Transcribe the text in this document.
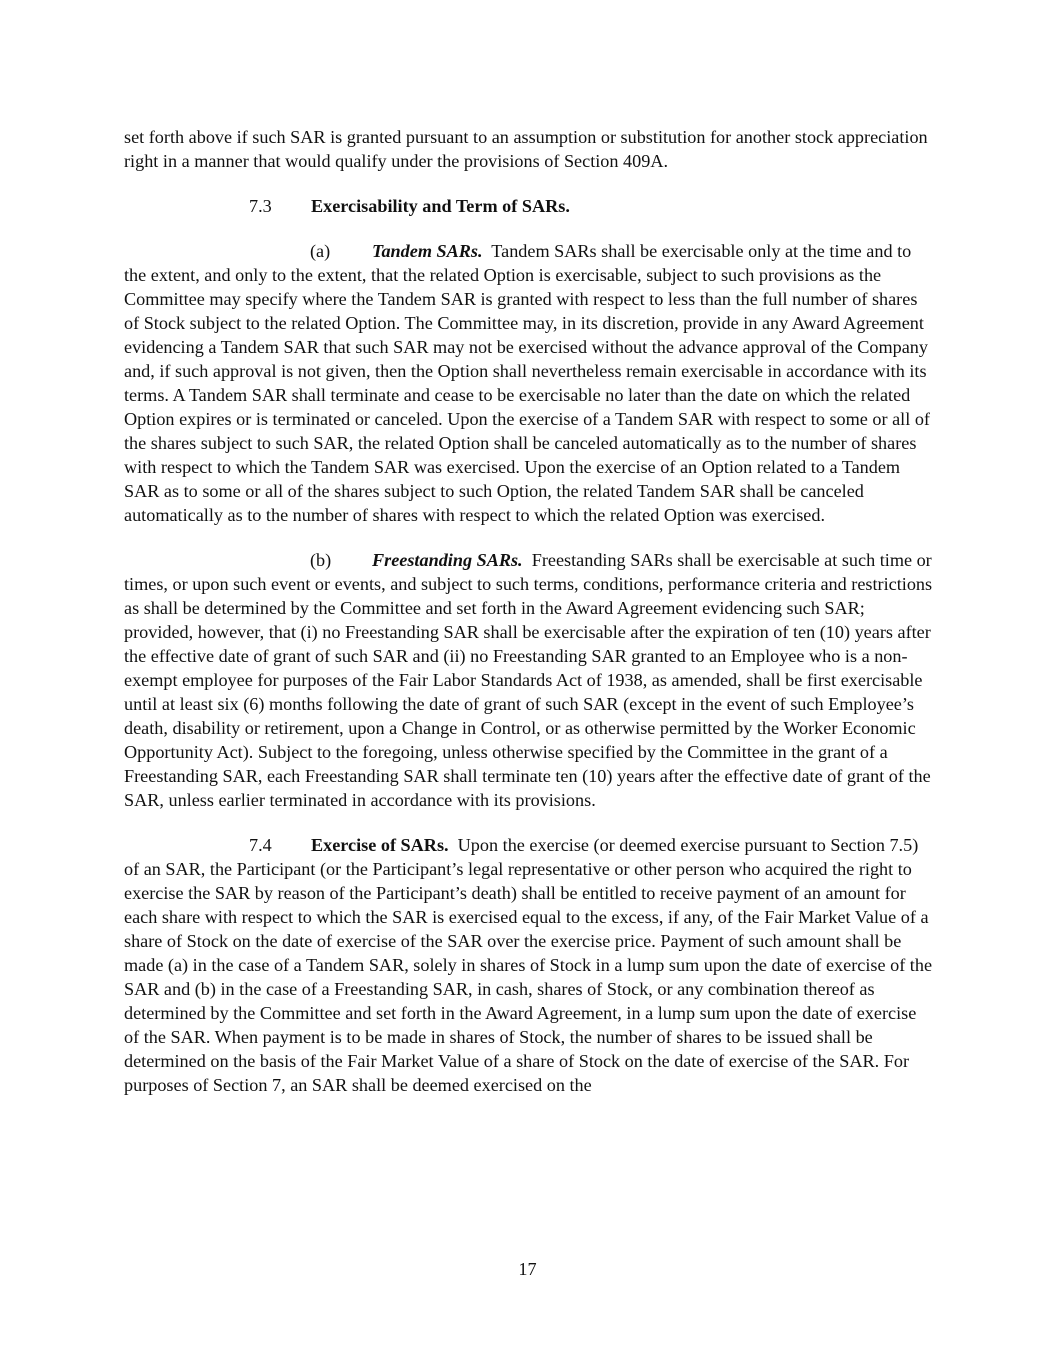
set forth above if such SAR is granted pursuant to an assumption or substitution for another stock appreciation right in a manner that would qualify under the provisions of Section 409A.

7.3 Exercisability and Term of SARs.

(a) Tandem SARs. Tandem SARs shall be exercisable only at the time and to the extent, and only to the extent, that the related Option is exercisable, subject to such provisions as the Committee may specify where the Tandem SAR is granted with respect to less than the full number of shares of Stock subject to the related Option. The Committee may, in its discretion, provide in any Award Agreement evidencing a Tandem SAR that such SAR may not be exercised without the advance approval of the Company and, if such approval is not given, then the Option shall nevertheless remain exercisable in accordance with its terms. A Tandem SAR shall terminate and cease to be exercisable no later than the date on which the related Option expires or is terminated or canceled. Upon the exercise of a Tandem SAR with respect to some or all of the shares subject to such SAR, the related Option shall be canceled automatically as to the number of shares with respect to which the Tandem SAR was exercised. Upon the exercise of an Option related to a Tandem SAR as to some or all of the shares subject to such Option, the related Tandem SAR shall be canceled automatically as to the number of shares with respect to which the related Option was exercised.

(b) Freestanding SARs. Freestanding SARs shall be exercisable at such time or times, or upon such event or events, and subject to such terms, conditions, performance criteria and restrictions as shall be determined by the Committee and set forth in the Award Agreement evidencing such SAR; provided, however, that (i) no Freestanding SAR shall be exercisable after the expiration of ten (10) years after the effective date of grant of such SAR and (ii) no Freestanding SAR granted to an Employee who is a non-exempt employee for purposes of the Fair Labor Standards Act of 1938, as amended, shall be first exercisable until at least six (6) months following the date of grant of such SAR (except in the event of such Employee’s death, disability or retirement, upon a Change in Control, or as otherwise permitted by the Worker Economic Opportunity Act). Subject to the foregoing, unless otherwise specified by the Committee in the grant of a Freestanding SAR, each Freestanding SAR shall terminate ten (10) years after the effective date of grant of the SAR, unless earlier terminated in accordance with its provisions.

7.4 Exercise of SARs. Upon the exercise (or deemed exercise pursuant to Section 7.5) of an SAR, the Participant (or the Participant’s legal representative or other person who acquired the right to exercise the SAR by reason of the Participant’s death) shall be entitled to receive payment of an amount for each share with respect to which the SAR is exercised equal to the excess, if any, of the Fair Market Value of a share of Stock on the date of exercise of the SAR over the exercise price. Payment of such amount shall be made (a) in the case of a Tandem SAR, solely in shares of Stock in a lump sum upon the date of exercise of the SAR and (b) in the case of a Freestanding SAR, in cash, shares of Stock, or any combination thereof as determined by the Committee and set forth in the Award Agreement, in a lump sum upon the date of exercise of the SAR. When payment is to be made in shares of Stock, the number of shares to be issued shall be determined on the basis of the Fair Market Value of a share of Stock on the date of exercise of the SAR. For purposes of Section 7, an SAR shall be deemed exercised on the

17
